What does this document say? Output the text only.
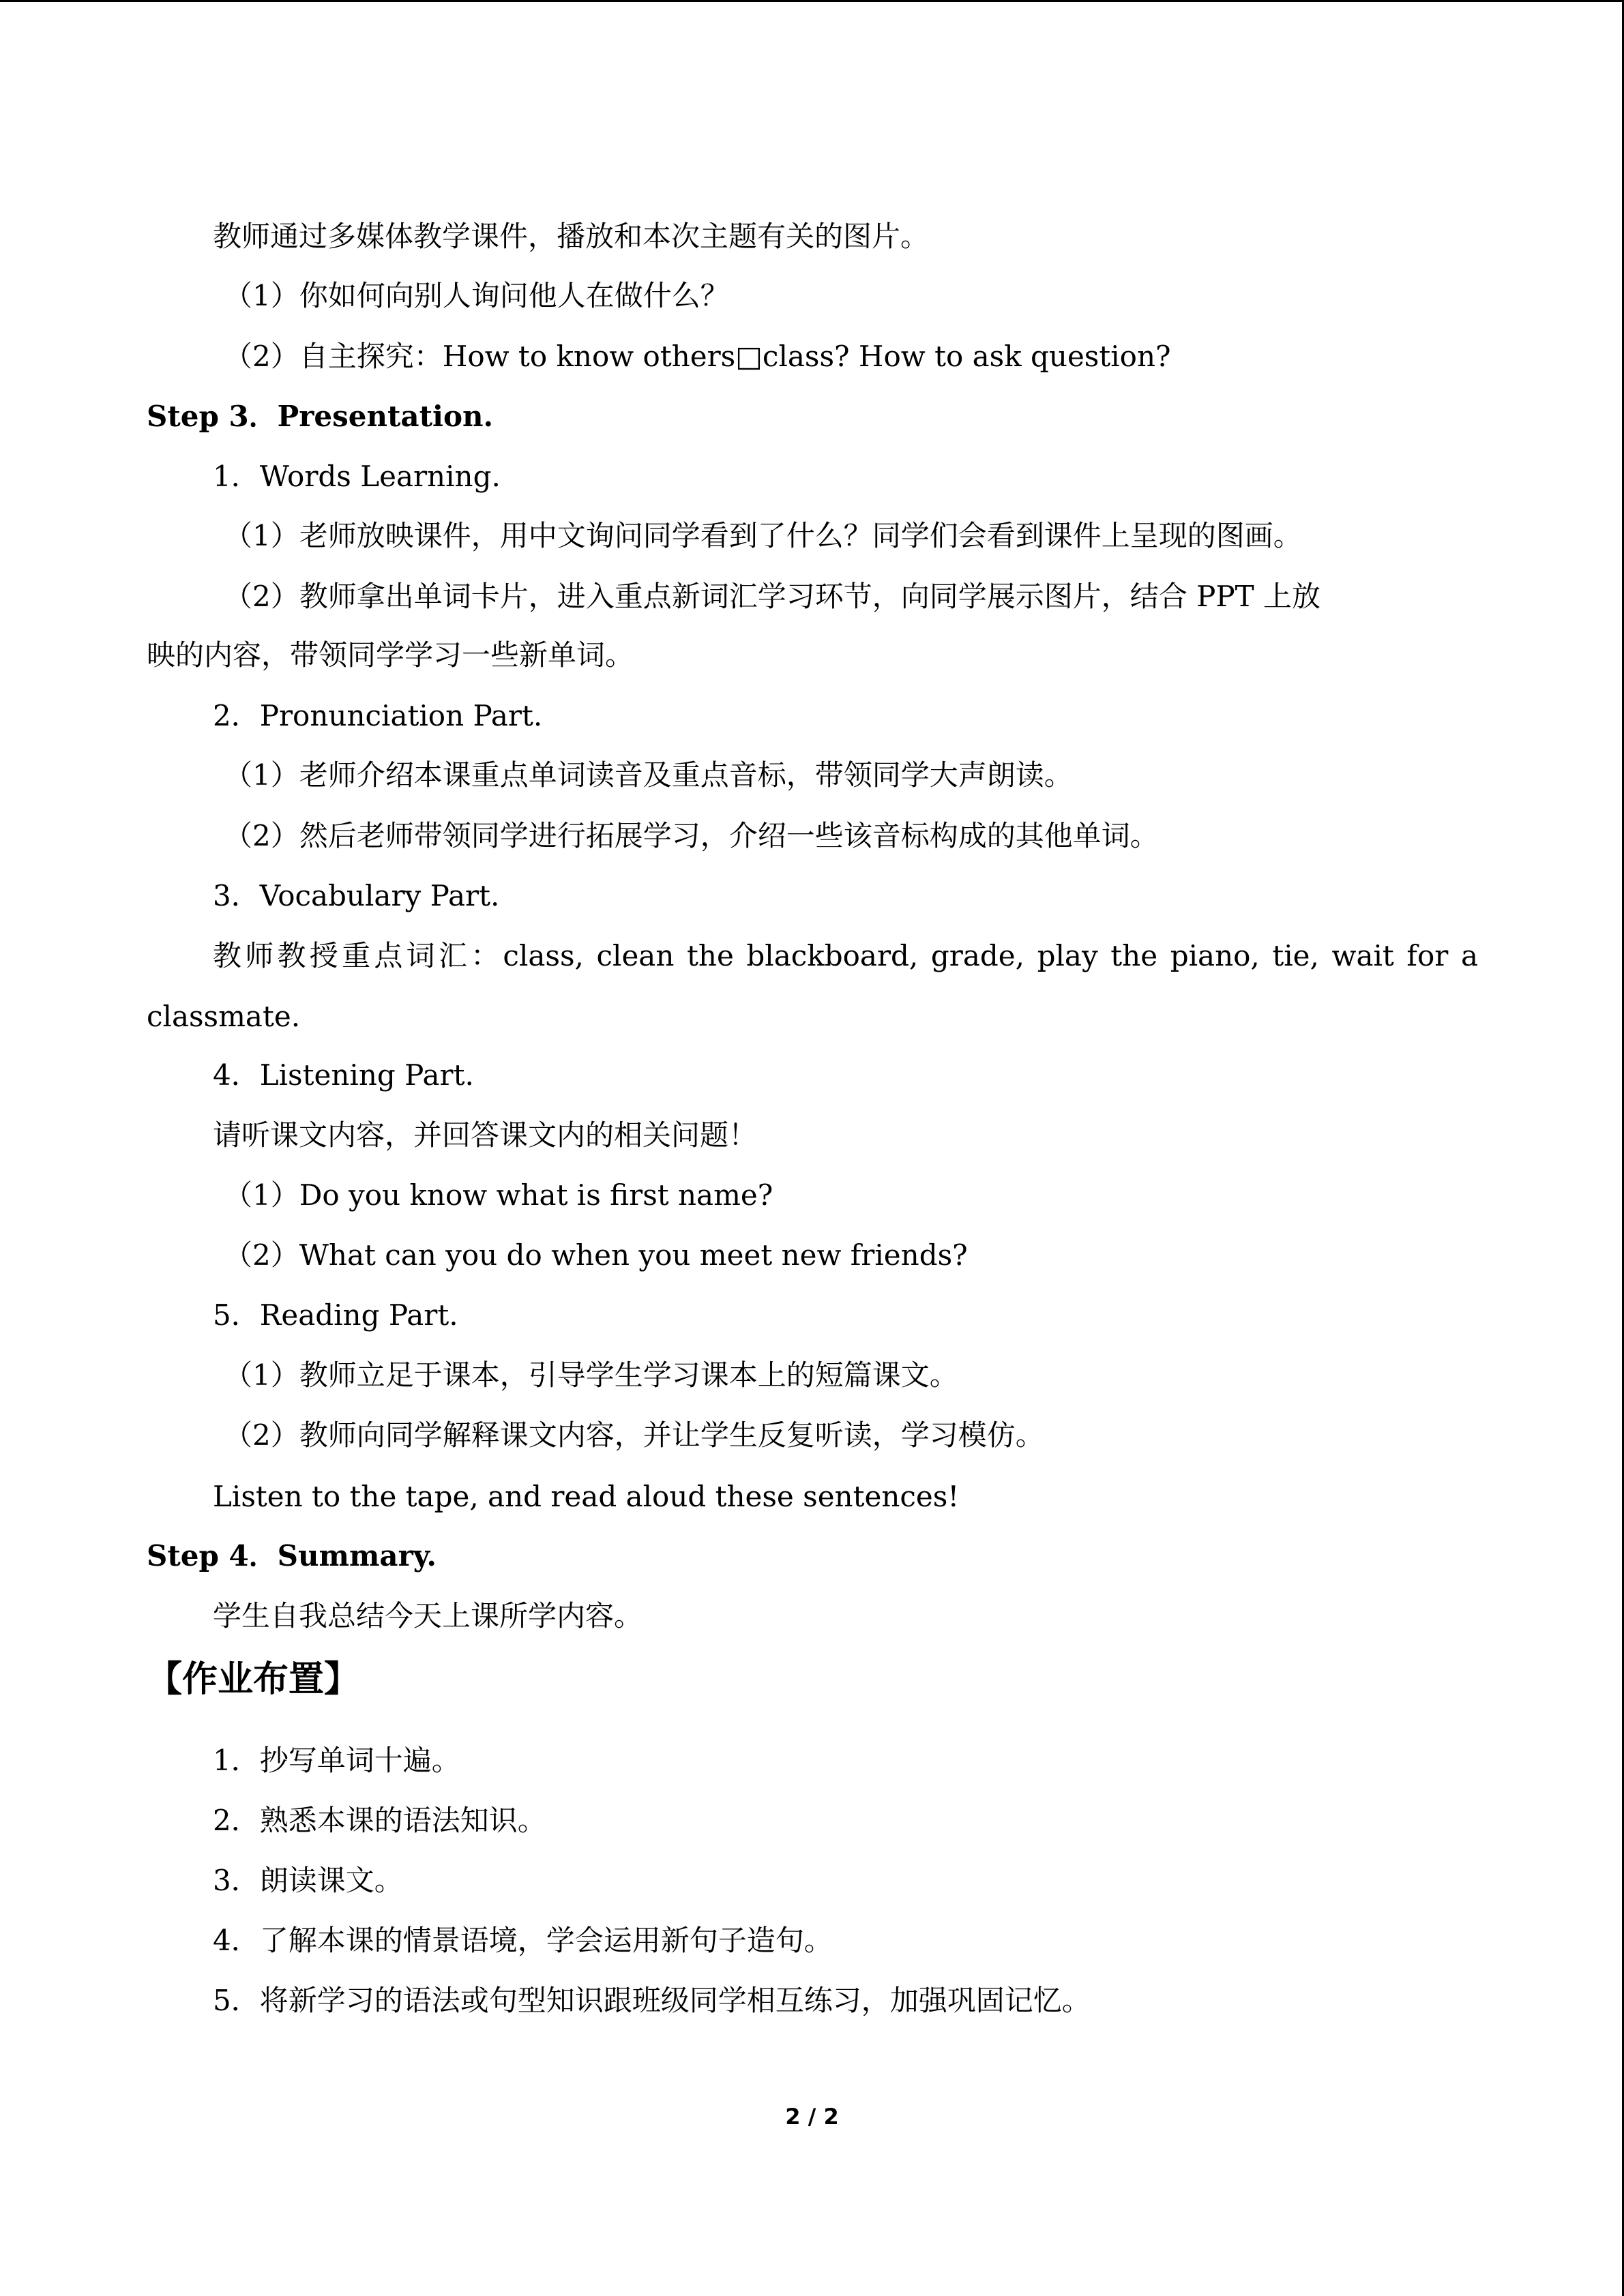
教师通过多媒体教学课件，播放和本次主题有关的图片。
（1）你如何向别人询问他人在做什么？
（2）自主探究：How to know others□class? How to ask question?
Step 3．Presentation.
1．Words Learning.
（1）老师放映课件，用中文询问同学看到了什么？同学们会看到课件上呈现的图画。
（2）教师拿出单词卡片，进入重点新词汇学习环节，向同学展示图片，结合 PPT 上放
映的内容，带领同学学习一些新单词。
2．Pronunciation Part.
（1）老师介绍本课重点单词读音及重点音标，带领同学大声朗读。
（2）然后老师带领同学进行拓展学习，介绍一些该音标构成的其他单词。
3．Vocabulary Part.
教师教授重点词汇：class, clean the blackboard, grade, play the piano, tie, wait for a
classmate.
4．Listening Part.
请听课文内容，并回答课文内的相关问题！
（1）Do you know what is first name?
（2）What can you do when you meet new friends?
5．Reading Part.
（1）教师立足于课本，引导学生学习课本上的短篇课文。
（2）教师向同学解释课文内容，并让学生反复听读，学习模仿。
Listen to the tape, and read aloud these sentences!
Step 4．Summary.
学生自我总结今天上课所学内容。
【作业布置】
1．抄写单词十遍。
2．熟悉本课的语法知识。
3．朗读课文。
4．了解本课的情景语境，学会运用新句子造句。
5．将新学习的语法或句型知识跟班级同学相互练习，加强巩固记忆。
2 / 2
